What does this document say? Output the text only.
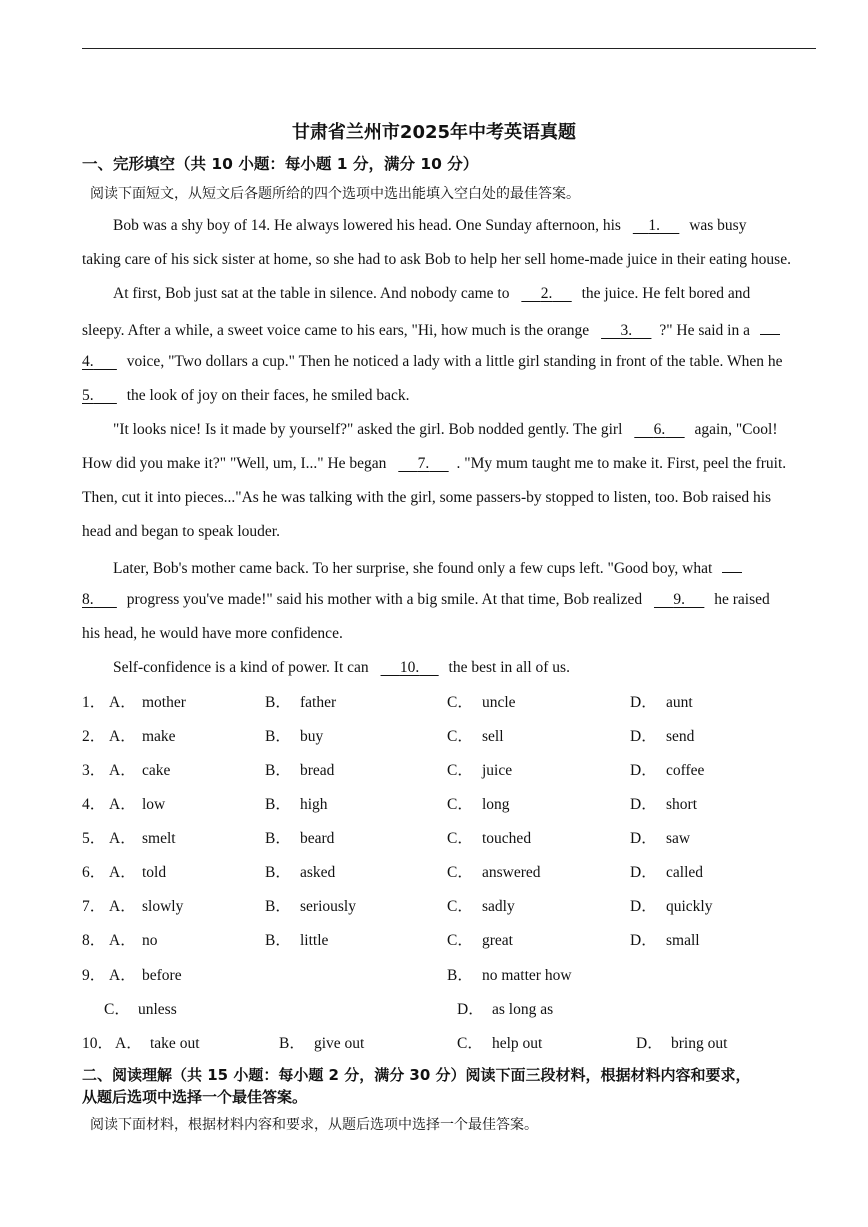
甘肃省兰州市2025年中考英语真题
一、完形填空（共 10 小题：每小题 1 分，满分 10 分）
阅读下面短文，从短文后各题所给的四个选项中选出能填入空白处的最佳答案。
Bob was a shy boy of 14. He always lowered his head. One Sunday afternoon, his 1. was busy
taking care of his sick sister at home, so she had to ask Bob to help her sell home-made juice in their eating house.
At first, Bob just sat at the table in silence. And nobody came to 2. the juice. He felt bored and
sleepy. After a while, a sweet voice came to his ears, "Hi, how much is the orange 3. ?" He said in a
4. voice, "Two dollars a cup." Then he noticed a lady with a little girl standing in front of the table. When he
5. the look of joy on their faces, he smiled back.
"It looks nice! Is it made by yourself?" asked the girl. Bob nodded gently. The girl 6. again, "Cool!
How did you make it?" "Well, um, I..." He began 7. . "My mum taught me to make it. First, peel the fruit.
Then, cut it into pieces..."As he was talking with the girl, some passers-by stopped to listen, too. Bob raised his
head and began to speak louder.
Later, Bob's mother came back. To her surprise, she found only a few cups left. "Good boy, what
8. progress you've made!" said his mother with a big smile. At that time, Bob realized 9. he raised
his head, he would have more confidence.
Self-confidence is a kind of power. It can 10. the best in all of us.
1． A． mother	B． father	C． uncle	D． aunt
2． A． make	B． buy	C． sell	D． send
3． A． cake	B． bread	C． juice	D． coffee
4． A． low	B． high	C． long	D． short
5． A． smelt	B． beard	C． touched	D． saw
6． A． told	B． asked	C． answered	D． called
7． A． slowly	B． seriously	C． sadly	D． quickly
8． A． no	B． little	C． great	D． small
9． A． before	B． no matter how
C． unless	D． as long as
10． A． take out	B． give out	C． help out	D． bring out
二、阅读理解（共 15 小题：每小题 2 分，满分 30 分）阅读下面三段材料，根据材料内容和要求，
从题后选项中选择一个最佳答案。
阅读下面材料，根据材料内容和要求，从题后选项中选择一个最佳答案。
